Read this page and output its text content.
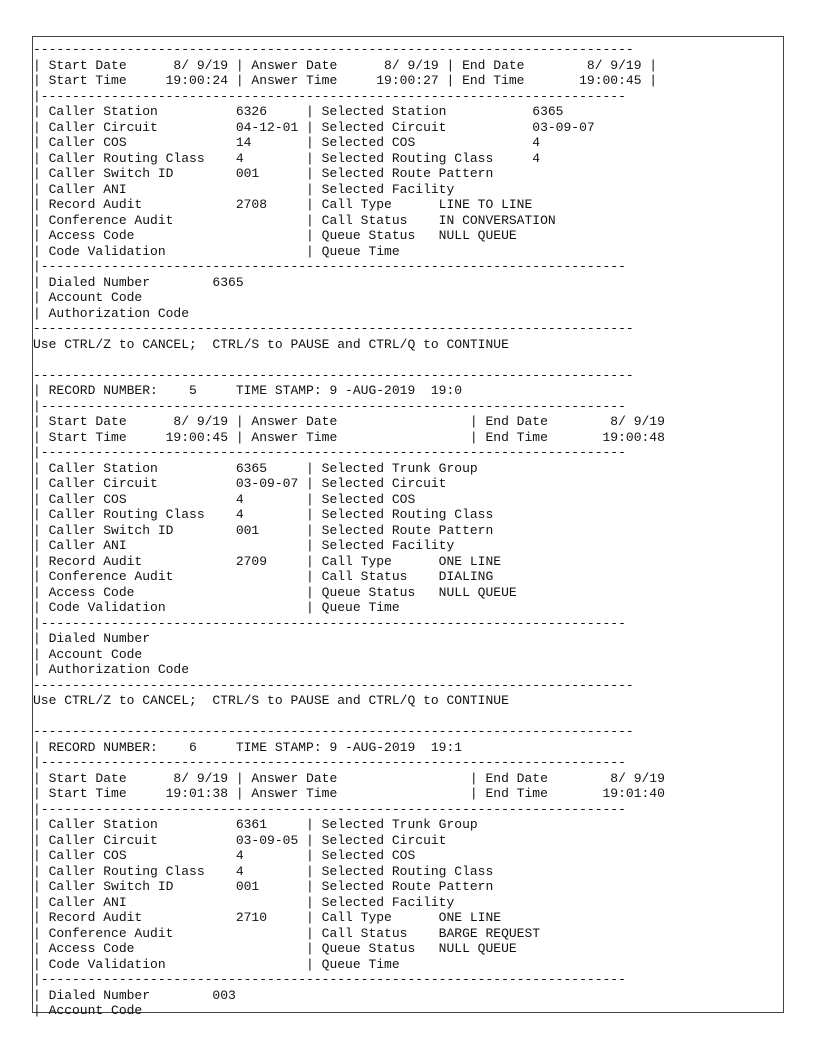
-----------------------------------------------------------------------------
| Start Date      8/ 9/19 | Answer Date      8/ 9/19 | End Date        8/ 9/19 |
| Start Time     19:00:24 | Answer Time     19:00:27 | End Time       19:00:45 |
|---------------------------------------------------------------------------
| Caller Station          6326     | Selected Station           6365
| Caller Circuit          04-12-01 | Selected Circuit           03-09-07
| Caller COS              14       | Selected COS               4
| Caller Routing Class    4        | Selected Routing Class     4
| Caller Switch ID        001      | Selected Route Pattern
| Caller ANI                       | Selected Facility
| Record Audit            2708     | Call Type      LINE TO LINE
| Conference Audit                 | Call Status    IN CONVERSATION
| Access Code                      | Queue Status   NULL QUEUE
| Code Validation                  | Queue Time
|---------------------------------------------------------------------------
| Dialed Number        6365
| Account Code
| Authorization Code
-----------------------------------------------------------------------------
Use CTRL/Z to CANCEL;  CTRL/S to PAUSE and CTRL/Q to CONTINUE
-----------------------------------------------------------------------------
| RECORD NUMBER:    5     TIME STAMP: 9 -AUG-2019  19:0
|---------------------------------------------------------------------------
| Start Date      8/ 9/19 | Answer Date                 | End Date        8/ 9/19
| Start Time     19:00:45 | Answer Time                 | End Time       19:00:48
|---------------------------------------------------------------------------
| Caller Station          6365     | Selected Trunk Group
| Caller Circuit          03-09-07 | Selected Circuit
| Caller COS              4        | Selected COS
| Caller Routing Class    4        | Selected Routing Class
| Caller Switch ID        001      | Selected Route Pattern
| Caller ANI                       | Selected Facility
| Record Audit            2709     | Call Type      ONE LINE
| Conference Audit                 | Call Status    DIALING
| Access Code                      | Queue Status   NULL QUEUE
| Code Validation                  | Queue Time
|---------------------------------------------------------------------------
| Dialed Number
| Account Code
| Authorization Code
-----------------------------------------------------------------------------
Use CTRL/Z to CANCEL;  CTRL/S to PAUSE and CTRL/Q to CONTINUE
-----------------------------------------------------------------------------
| RECORD NUMBER:    6     TIME STAMP: 9 -AUG-2019  19:1
|---------------------------------------------------------------------------
| Start Date      8/ 9/19 | Answer Date                 | End Date        8/ 9/19
| Start Time     19:01:38 | Answer Time                 | End Time       19:01:40
|---------------------------------------------------------------------------
| Caller Station          6361     | Selected Trunk Group
| Caller Circuit          03-09-05 | Selected Circuit
| Caller COS              4        | Selected COS
| Caller Routing Class    4        | Selected Routing Class
| Caller Switch ID        001      | Selected Route Pattern
| Caller ANI                       | Selected Facility
| Record Audit            2710     | Call Type      ONE LINE
| Conference Audit                 | Call Status    BARGE REQUEST
| Access Code                      | Queue Status   NULL QUEUE
| Code Validation                  | Queue Time
|---------------------------------------------------------------------------
| Dialed Number        003
| Account Code
